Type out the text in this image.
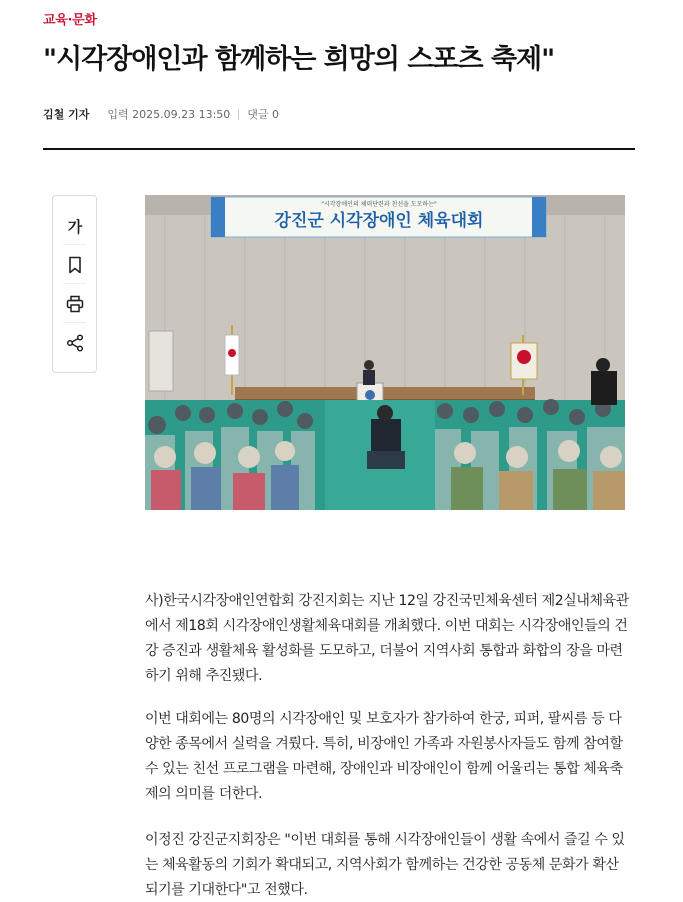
교육·문화
"시각장애인과 함께하는 희망의 스포츠 축제"
김철 기자 입력 2025.09.23 13:50 댓글 0
가
"시각장애인의 체력단련과 친선을 도모하는"
강진군 시각장애인 체육대회

사)한국시각장애인연합회 강진지회는 지난 12일 강진국민체육센터 제2실내체육관에서 제18회 시각장애인생활체육대회를 개최했다. 이번 대회는 시각장애인들의 건강 증진과 생활체육 활성화를 도모하고, 더불어 지역사회 통합과 화합의 장을 마련하기 위해 추진됐다.

이번 대회에는 80명의 시각장애인 및 보호자가 참가하여 한궁, 피퍼, 팔씨름 등 다양한 종목에서 실력을 겨뤘다. 특히, 비장애인 가족과 자원봉사자들도 함께 참여할 수 있는 친선 프로그램을 마련해, 장애인과 비장애인이 함께 어울리는 통합 체육축제의 의미를 더한다.

이정진 강진군지회장은 "이번 대회를 통해 시각장애인들이 생활 속에서 즐길 수 있는 체육활동의 기회가 확대되고, 지역사회가 함께하는 건강한 공동체 문화가 확산되기를 기대한다"고 전했다.
